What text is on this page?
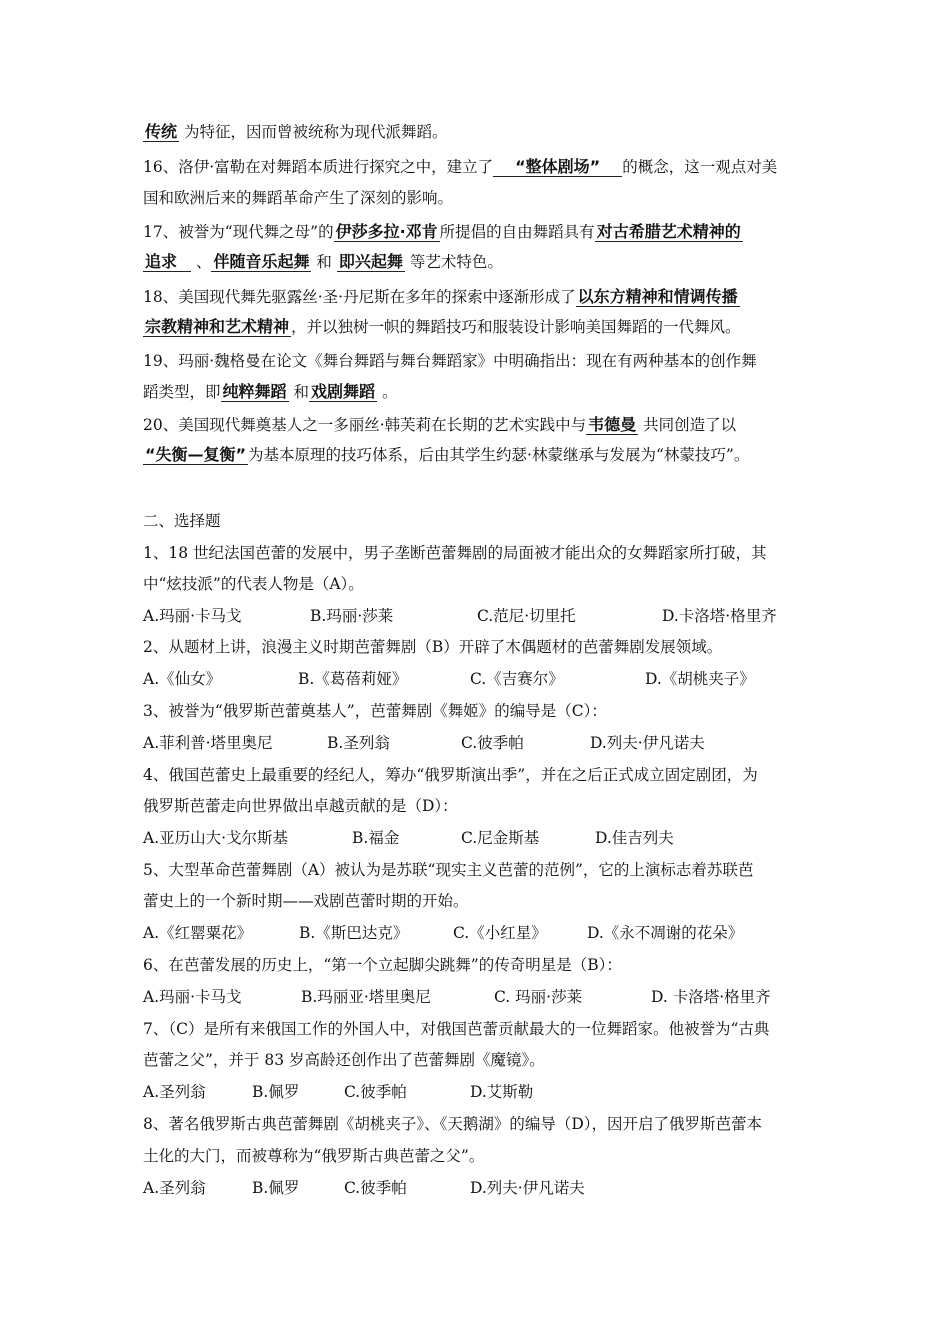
传统 为特征，因而曾被统称为现代派舞蹈。
16、洛伊·富勒在对舞蹈本质进行探究之中，建立了 “整体剧场” 的概念，这一观点对美
国和欧洲后来的舞蹈革命产生了深刻的影响。
17、被誉为“现代舞之母”的 伊莎多拉·邓肯 所提倡的自由舞蹈具有 对古希腊艺术精神的
追求 、 伴随音乐起舞 和 即兴起舞 等艺术特色。
18、美国现代舞先驱露丝·圣·丹尼斯在多年的探索中逐渐形成了 以东方精神和情调传播
宗教精神和艺术精神 ，并以独树一帜的舞蹈技巧和服装设计影响美国舞蹈的一代舞风。
19、玛丽·魏格曼在论文《舞台舞蹈与舞台舞蹈家》中明确指出：现在有两种基本的创作舞
蹈类型，即 纯粹舞蹈 和 戏剧舞蹈 。
20、美国现代舞奠基人之一多丽丝·韩芙莉在长期的艺术实践中与 韦德曼 共同创造了以
“失衡—复衡” 为基本原理的技巧体系，后由其学生约瑟·林蒙继承与发展为“林蒙技巧”。
二、选择题
1、18 世纪法国芭蕾的发展中，男子垄断芭蕾舞剧的局面被才能出众的女舞蹈家所打破，其
中“炫技派”的代表人物是（A）。
A.玛丽·卡马戈	B.玛丽·莎莱	C.范尼·切里托	D.卡洛塔·格里齐
2、从题材上讲，浪漫主义时期芭蕾舞剧（B）开辟了木偶题材的芭蕾舞剧发展领域。
A.《仙女》	B.《葛蓓莉娅》	C.《吉赛尔》	D.《胡桃夹子》
3、被誉为“俄罗斯芭蕾奠基人”，芭蕾舞剧《舞姬》的编导是（C）：
A.菲利普·塔里奥尼	B.圣列翁	C.彼季帕	D.列夫·伊凡诺夫
4、俄国芭蕾史上最重要的经纪人，筹办“俄罗斯演出季”，并在之后正式成立固定剧团，为
俄罗斯芭蕾走向世界做出卓越贡献的是（D）：
A.亚历山大·戈尔斯基	B.福金	C.尼金斯基	D.佳吉列夫
5、大型革命芭蕾舞剧（A）被认为是苏联“现实主义芭蕾的范例”，它的上演标志着苏联芭
蕾史上的一个新时期——戏剧芭蕾时期的开始。
A.《红罂粟花》	B.《斯巴达克》	C.《小红星》	D.《永不凋谢的花朵》
6、在芭蕾发展的历史上，“第一个立起脚尖跳舞”的传奇明星是（B）：
A.玛丽·卡马戈	B.玛丽亚·塔里奥尼	C. 玛丽·莎莱	D. 卡洛塔·格里齐
7、（C）是所有来俄国工作的外国人中，对俄国芭蕾贡献最大的一位舞蹈家。他被誉为“古典
芭蕾之父”，并于 83 岁高龄还创作出了芭蕾舞剧《魔镜》。
A.圣列翁	B.佩罗	C.彼季帕	D.艾斯勒
8、著名俄罗斯古典芭蕾舞剧《胡桃夹子》、《天鹅湖》的编导（D），因开启了俄罗斯芭蕾本
土化的大门，而被尊称为“俄罗斯古典芭蕾之父”。
A.圣列翁	B.佩罗	C.彼季帕	D.列夫·伊凡诺夫
